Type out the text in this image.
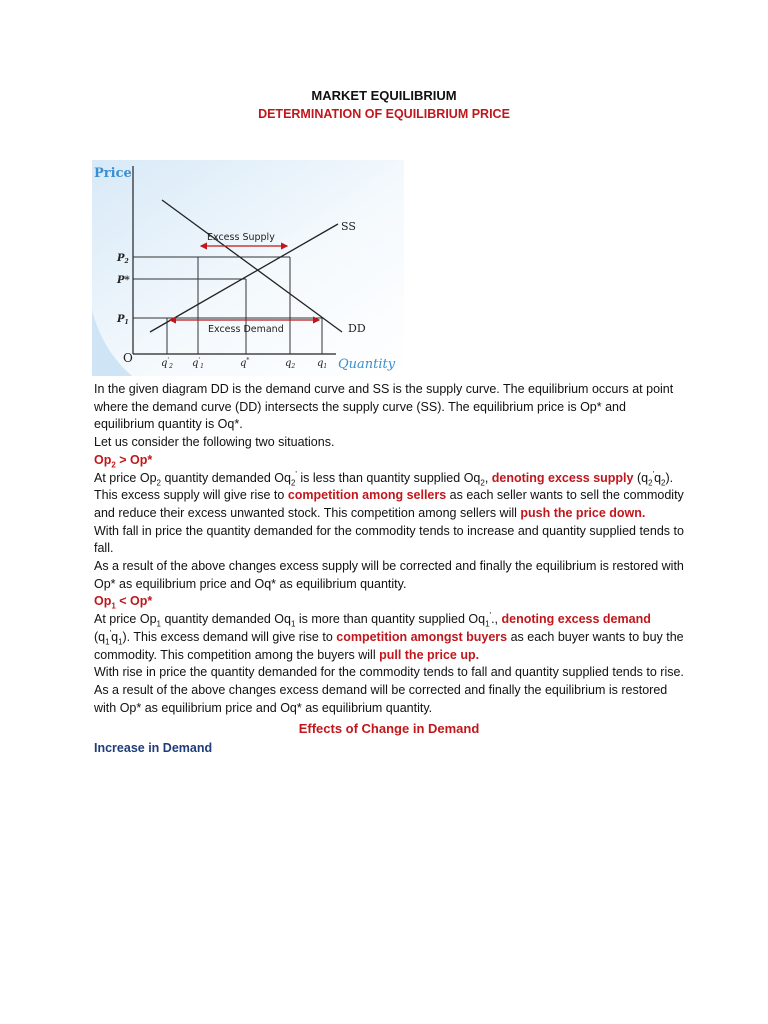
MARKET EQUILIBRIUM
DETERMINATION OF EQUILIBRIUM PRICE
Price
O
SS
DD
Excess Supply
Excess Demand
$P_2$
P*
$P_1$
$q'_2$ $q'_1$	q*	$q_2$ $q_1$ Quantity

In the given diagram DD is the demand curve and SS is the supply curve. The equilibrium occurs at point where the demand curve (DD) intersects the supply curve (SS). The equilibrium price is Op* and equilibrium quantity is Oq*.

Let us consider the following two situations.

$Op_2 > Op*$

At price $Op_2$ quantity demanded $Oq_2'$ is less than quantity supplied $Oq_2$, denoting excess supply $(q_2'q_2)$. This excess supply will give rise to competition among sellers as each seller wants to sell the commodity and reduce their excess unwanted stock. This competition among sellers will push the price down.

With fall in price the quantity demanded for the commodity tends to increase and quantity supplied tends to fall.

As a result of the above changes excess supply will be corrected and finally the equilibrium is restored with Op* as equilibrium price and Oq* as equilibrium quantity.

$Op_1 < Op*$

At price $Op_1$ quantity demanded $Oq_1$ is more than quantity supplied $Oq_1'$., denoting excess demand $(q_1'q_1)$. This excess demand will give rise to competition amongst buyers as each buyer wants to buy the commodity. This competition among the buyers will pull the price up.

With rise in price the quantity demanded for the commodity tends to fall and quantity supplied tends to rise.

As a result of the above changes excess demand will be corrected and finally the equilibrium is restored with Op* as equilibrium price and Oq* as equilibrium quantity.

Effects of Change in Demand

Increase in Demand
